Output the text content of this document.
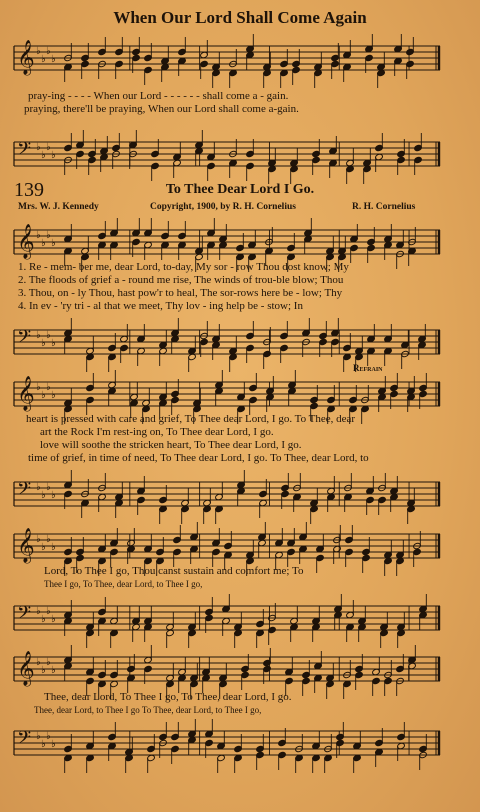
When Our Lord Shall Come Again
𝄞 ♭
♭
♭
♭
pray-ing - - - - When our Lord - - - - - - shall come a - gain.
praying, there'll be praying, When our Lord shall come a-gain.
𝄢 ♭
♭
♭
♭
139	To Thee Dear Lord I Go.
Mrs. W. J. Kennedy	Copyright, 1900, by R. H. Cornelius	R. H. Cornelius
𝄞 ♭
♭
♭
♭
1. Re - mem- ber me, dear Lord, to-day, My sor - row Thou dost know; My
2. The floods of grief a - round me rise, The winds of trou-ble blow; Thou
3. Thou, on - ly Thou, hast pow'r to heal, The sor-rows here be - low; Thy
4. In ev - 'ry tri - al that we meet, Thy lov - ing help be - stow; In
𝄢 ♭
♭
♭
♭
Refrain
𝄞 ♭
♭
♭
♭
heart is pressed with care and grief, To Thee dear Lord, I go. To Thee, dear
art the Rock I'm rest-ing on, To Thee dear Lord, I go.
love will soothe the stricken heart, To Thee dear Lord, I go.
time of grief, in time of need, To Thee dear Lord, I go. To Thee, dear Lord, to
𝄢 ♭
♭
♭
♭
𝄞 ♭
♭
♭
♭
Lord, To Thee I go, Thou canst sustain and comfort me; To
Thee I go, To Thee, dear Lord, to Thee I go,
𝄢 ♭
♭
♭
♭
𝄞 ♭
♭
♭
♭
Thee, dear Lord, To Thee I go, To Thee, dear Lord, I go.
Thee, dear Lord, to Thee I go To Thee, dear Lord, to Thee I go,
𝄢 ♭
♭
♭
♭
